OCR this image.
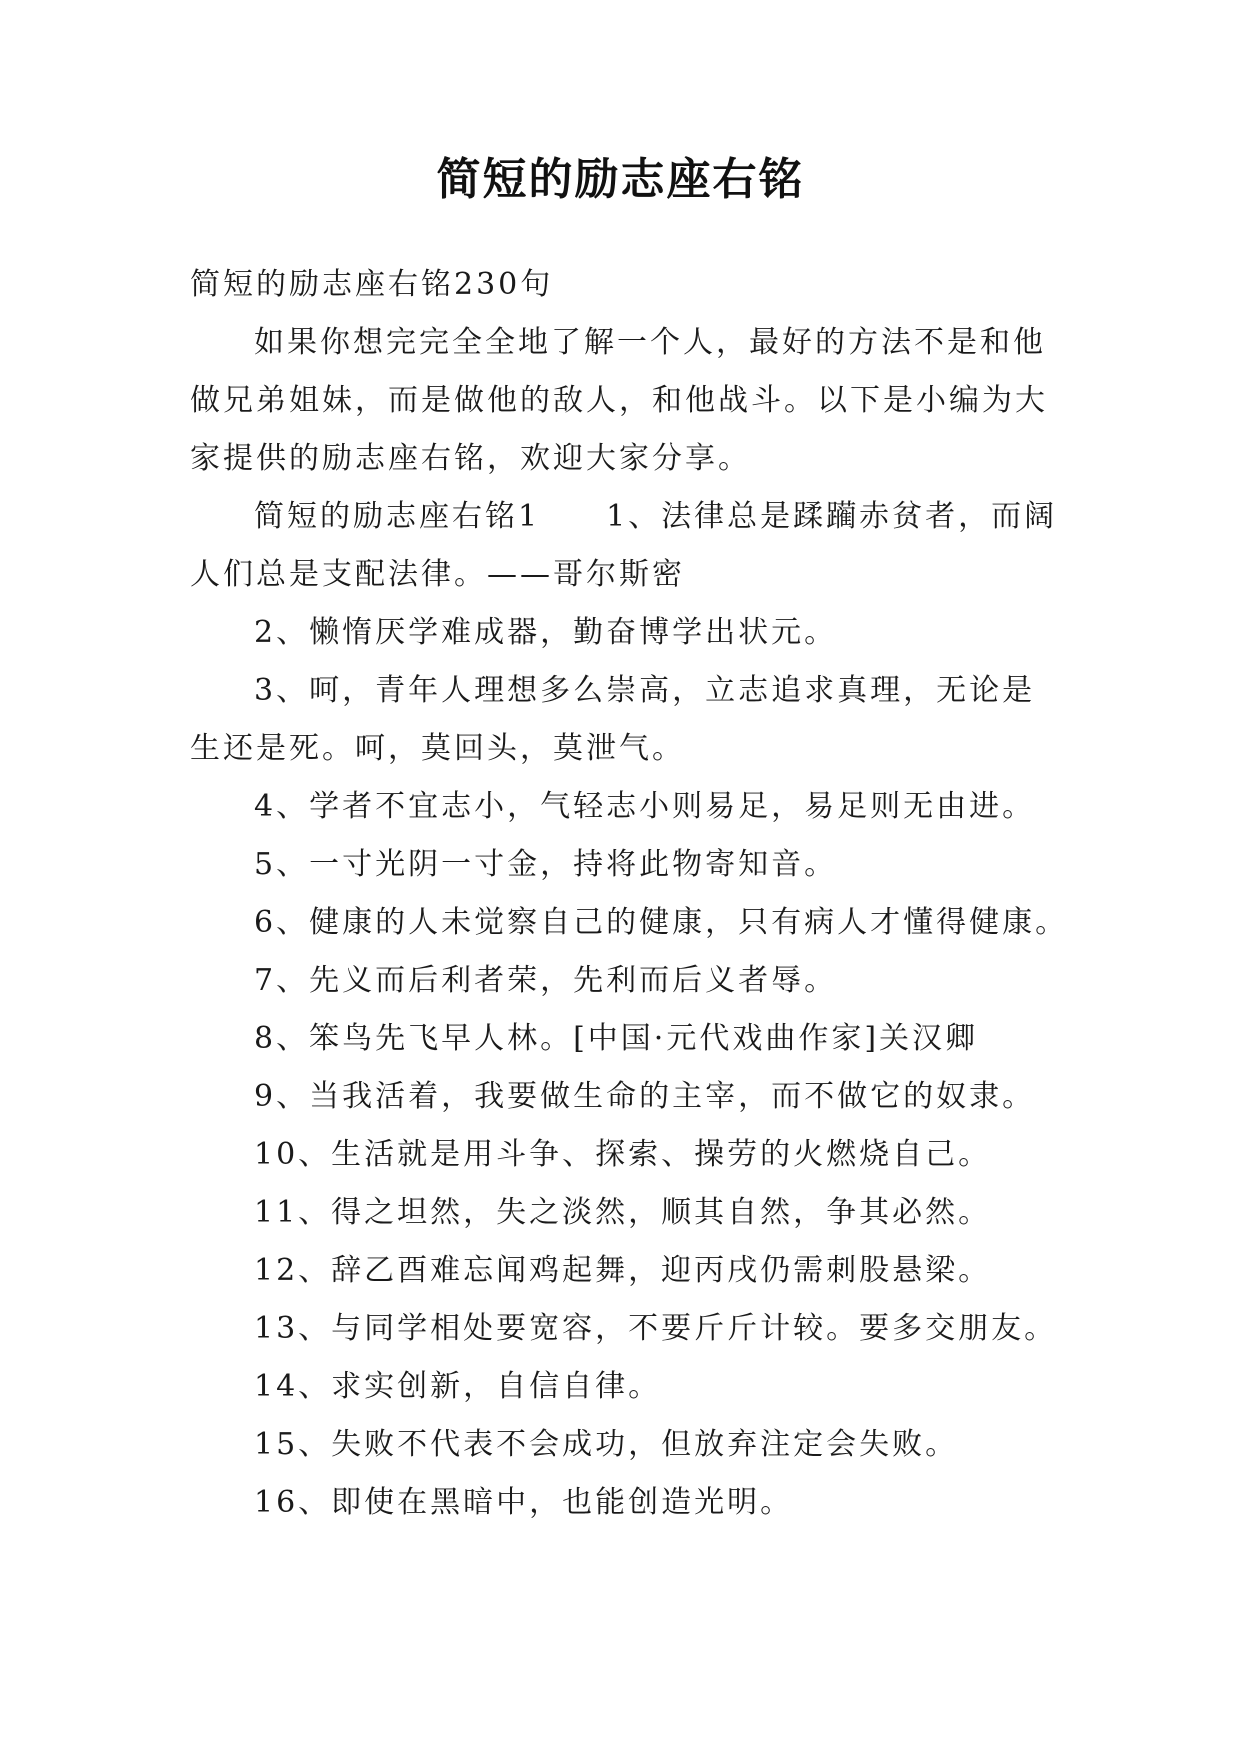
简短的励志座右铭
简短的励志座右铭230句
如果你想完完全全地了解一个人，最好的方法不是和他
做兄弟姐妹，而是做他的敌人，和他战斗。以下是小编为大
家提供的励志座右铭，欢迎大家分享。
简短的励志座右铭1　　1、法律总是蹂躏赤贫者，而阔
人们总是支配法律。——哥尔斯密
2、懒惰厌学难成器，勤奋博学出状元。
3、呵，青年人理想多么崇高，立志追求真理，无论是
生还是死。呵，莫回头，莫泄气。
4、学者不宜志小，气轻志小则易足，易足则无由进。
5、一寸光阴一寸金，持将此物寄知音。
6、健康的人未觉察自己的健康，只有病人才懂得健康。
7、先义而后利者荣，先利而后义者辱。
8、笨鸟先飞早人林。[中国·元代戏曲作家]关汉卿
9、当我活着，我要做生命的主宰，而不做它的奴隶。
10、生活就是用斗争、探索、操劳的火燃烧自己。
11、得之坦然，失之淡然，顺其自然，争其必然。
12、辞乙酉难忘闻鸡起舞，迎丙戌仍需刺股悬梁。
13、与同学相处要宽容，不要斤斤计较。要多交朋友。
14、求实创新，自信自律。
15、失败不代表不会成功，但放弃注定会失败。
16、即使在黑暗中，也能创造光明。
